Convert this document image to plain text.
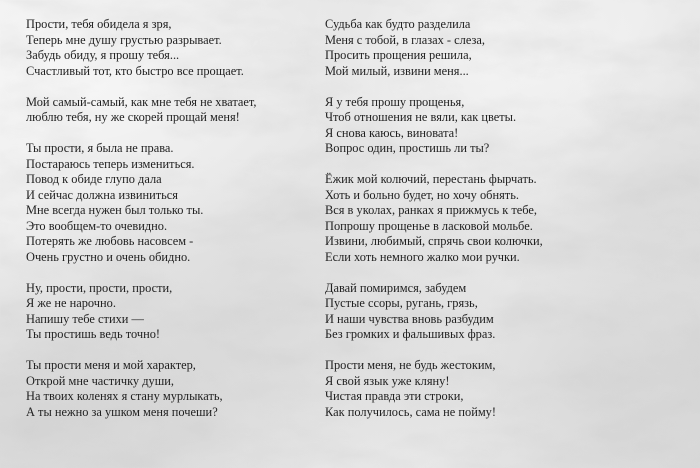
Прости, тебя обидела я зря,
Теперь мне душу грустью разрывает.
Забудь обиду, я прошу тебя...
Счастливый тот, кто быстро все прощает.
Мой самый-самый, как мне тебя не хватает,
люблю тебя, ну же скорей прощай меня!
Ты прости, я была не права.
Постараюсь теперь измениться.
Повод к обиде глупо дала
И сейчас должна извиниться
Мне всегда нужен был только ты.
Это вообщем-то очевидно.
Потерять же любовь насовсем -
Очень грустно и очень обидно.
Ну, прости, прости, прости,
Я же не нарочно.
Напишу тебе стихи —
Ты простишь ведь точно!
Ты прости меня и мой характер,
Открой мне частичку души,
На твоих коленях я стану мурлыкать,
А ты нежно за ушком меня почеши?
Судьба как будто разделила
Меня с тобой, в глазах - слеза,
Просить прощения решила,
Мой милый, извини меня...
Я у тебя прошу прощенья,
Чтоб отношения не вяли, как цветы.
Я снова каюсь, виновата!
Вопрос один, простишь ли ты?
Ёжик мой колючий, перестань фырчать.
Хоть и больно будет, но хочу обнять.
Вся в уколах, ранках я прижмусь к тебе,
Попрошу прощенье в ласковой мольбе.
Извини, любимый, спрячь свои колючки,
Если хоть немного жалко мои ручки.
Давай помиримся, забудем
Пустые ссоры, ругань, грязь,
И наши чувства вновь разбудим
Без громких и фальшивых фраз.
Прости меня, не будь жестоким,
Я свой язык уже кляну!
Чистая правда эти строки,
Как получилось, сама не пойму!
